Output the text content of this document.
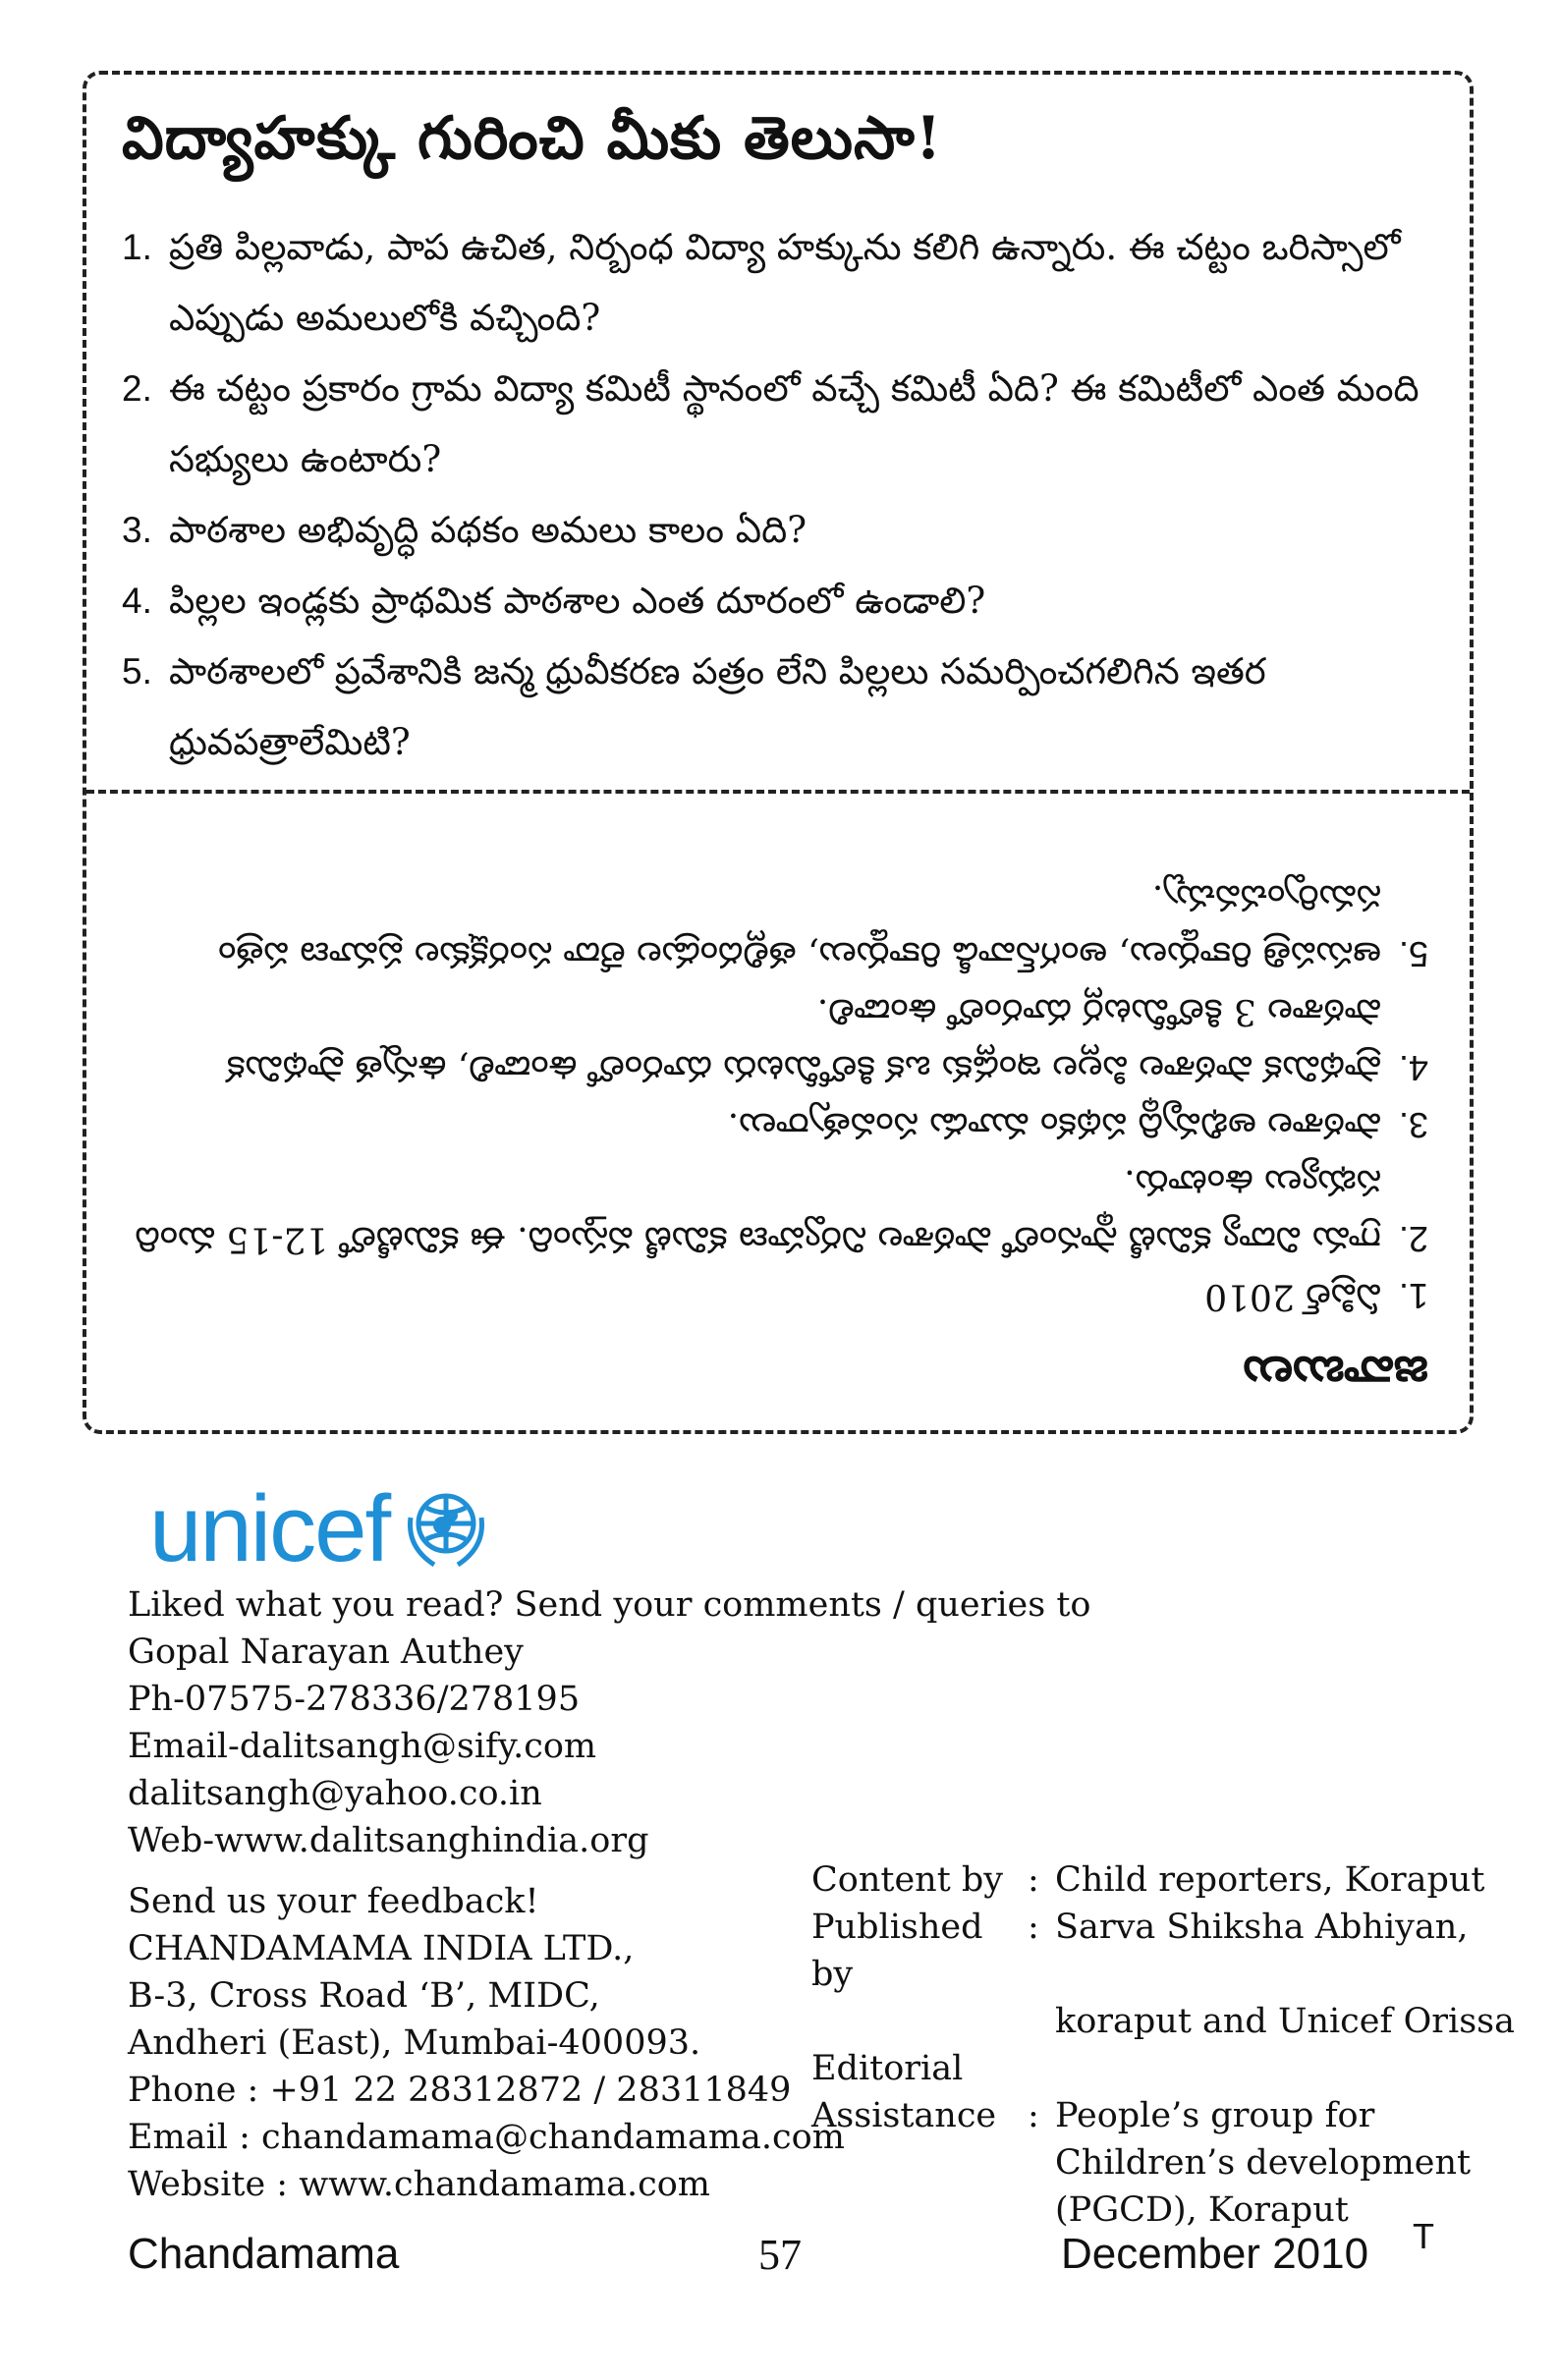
విద్యాహక్కు గురించి మీకు తెలుసా!
1. ప్రతి పిల్లవాడు, పాప ఉచిత, నిర్బంధ విద్యా హక్కును కలిగి ఉన్నారు. ఈ చట్టం ఒరిస్సాలో ఎప్పుడు అమలులోకి వచ్చింది?
2. ఈ చట్టం ప్రకారం గ్రామ విద్యా కమిటీ స్థానంలో వచ్చే కమిటీ ఏది? ఈ కమిటీలో ఎంత మంది సభ్యులు ఉంటారు?
3. పాఠశాల అభివృద్ధి పథకం అమలు కాలం ఏది?
4. పిల్లల ఇండ్లకు ప్రాథమిక పాఠశాల ఎంత దూరంలో ఉండాలి?
5. పాఠశాలలో ప్రవేశానికి జన్మ ధ్రువీకరణ పత్రం లేని పిల్లలు సమర్పించగలిగిన ఇతర ధ్రువపత్రాలేమిటి?
జవాబులు
1.
ఏప్రిల్ 2010
2.
గ్రామ విద్యా కమిటీ స్థానంలో పాఠశాల నిర్వహణ కమిటీ వస్తుంది. ఈ కమిటీలో 12-15 మంది సభ్యులు ఉంటారు.
3.
పాఠశాల అభివృద్ధి పథకం మూడు సంవత్సరాలు.
4.
ప్రాథమిక పాఠశాల పిల్లల ఇండ్లకు ఒక కిలోమీటరు దూరంలో ఉండాలి, ఉన్నత ప్రాథమిక పాఠశాల 3 కిలోమీటర్ల దూరంలో ఉండాలి.
5.
ఆసుపత్రి రికార్డులు, అంగన్‌వాడీ రికార్డులు, తల్లిదండ్రుల లేదా సంరక్షకుల ప్రమాణ పత్రం సమర్పించవచ్చు.
unicef
Liked what you read? Send your comments / queries to
Gopal Narayan Authey
Ph-07575-278336/278195
Email-dalitsangh@sify.com
dalitsangh@yahoo.co.in
Web-www.dalitsanghindia.org
Send us your feedback!
CHANDAMAMA INDIA LTD.,
B-3, Cross Road ‘B’, MIDC,
Andheri (East), Mumbai-400093.
Phone : +91 22 28312872 / 28311849
Email : chandamama@chandamama.com
Website : www.chandamama.com
Content by : Child reporters, Koraput
Published by
: Sarva Shiksha Abhiyan,
koraput and Unicef Orissa
Editorial
Assistance : People’s group for
Children’s development
(PGCD), Koraput
Chandamama	57	December 2010 T
